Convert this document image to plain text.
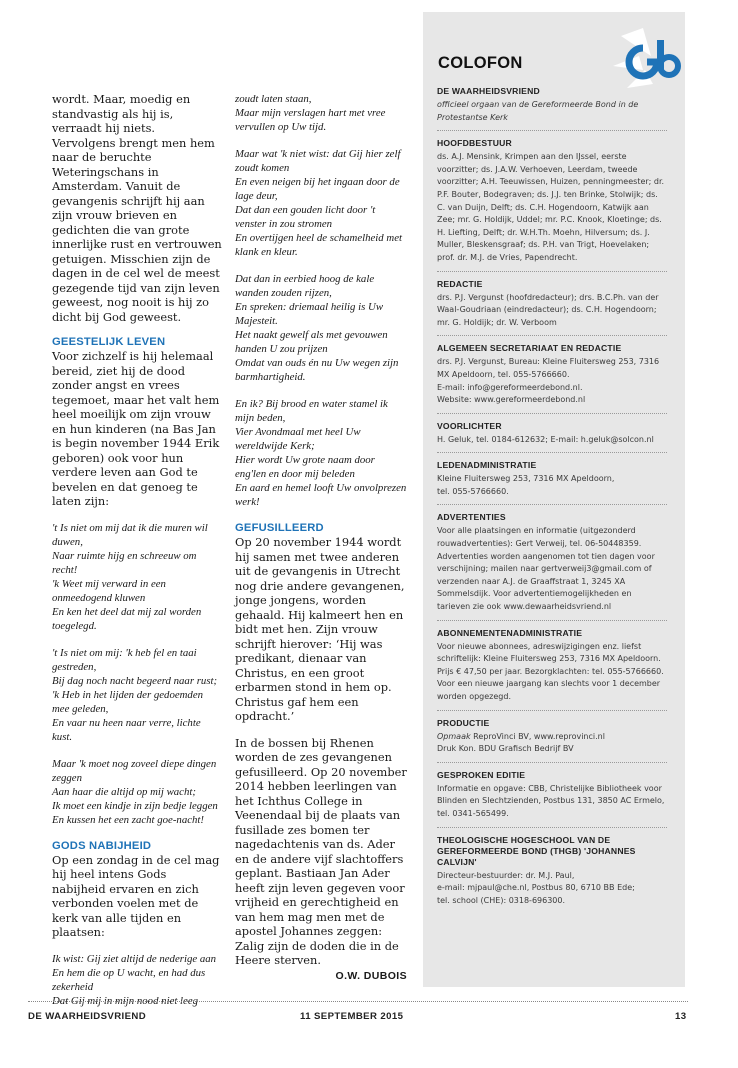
wordt. Maar, moedig en standvastig als hij is, verraadt hij niets. Vervolgens brengt men hem naar de beruchte Weteringschans in Amsterdam. Vanuit de gevangenis schrijft hij aan zijn vrouw brieven en gedichten die van grote innerlijke rust en vertrouwen getuigen. Misschien zijn de dagen in de cel wel de meest gezegende tijd van zijn leven geweest, nog nooit is hij zo dicht bij God geweest.

GEESTELIJK LEVEN

Voor zichzelf is hij helemaal bereid, ziet hij de dood zonder angst en vrees tegemoet, maar het valt hem heel moeilijk om zijn vrouw en hun kinderen (na Bas Jan is begin november 1944 Erik geboren) ook voor hun verdere leven aan God te bevelen en dat genoeg te laten zijn:

't Is niet om mij dat ik die muren wil duwen,
Naar ruimte hijg en schreeuw om recht!
'k Weet mij verward in een onmeedogend kluwen
En ken het deel dat mij zal worden toegelegd.

't Is niet om mij: 'k heb fel en taai gestreden,
Bij dag noch nacht begeerd naar rust;
'k Heb in het lijden der gedoemden mee geleden,
En vaar nu heen naar verre, lichte kust.

Maar 'k moet nog zoveel diepe dingen zeggen
Aan haar die altijd op mij wacht;
Ik moet een kindje in zijn bedje leggen
En kussen het een zacht goe-nacht!

GODS NABIJHEID

Op een zondag in de cel mag hij heel intens Gods nabijheid ervaren en zich verbonden voelen met de kerk van alle tijden en plaatsen:

Ik wist: Gij ziet altijd de nederige aan
En hem die op U wacht, en had dus zekerheid
Dat Gij mij in mijn nood niet leeg

zoudt laten staan,
Maar mijn verslagen hart met vree vervullen op Uw tijd.

Maar wat 'k niet wist: dat Gij hier zelf zoudt komen
En even neigen bij het ingaan door de lage deur,
Dat dan een gouden licht door 't venster in zou stromen
En overtijgen heel de schamelheid met klank en kleur.

Dat dan in eerbied hoog de kale wanden zouden rijzen,
En spreken: driemaal heilig is Uw Majesteit.
Het naakt gewelf als met gevouwen handen U zou prijzen
Omdat van ouds én nu Uw wegen zijn barmhartigheid.

En ik? Bij brood en water stamel ik mijn beden,
Vier Avondmaal met heel Uw wereldwijde Kerk;
Hier wordt Uw grote naam door eng'len en door mij beleden
En aard en hemel looft Uw onvolprezen werk!

GEFUSILLEERD

Op 20 november 1944 wordt hij samen met twee anderen uit de gevangenis in Utrecht nog drie andere gevangenen, jonge jongens, worden gehaald. Hij kalmeert hen en bidt met hen. Zijn vrouw schrijft hierover: ‘Hij was predikant, dienaar van Christus, en een groot erbarmen stond in hem op. Christus gaf hem een opdracht.’

In de bossen bij Rhenen worden de zes gevangenen gefusilleerd. Op 20 november 2014 hebben leerlingen van het Ichthus College in Veenendaal bij de plaats van fusillade zes bomen ter nagedachtenis van ds. Ader en de andere vijf slachtoffers geplant. Bastiaan Jan Ader heeft zijn leven gegeven voor vrijheid en gerechtigheid en van hem mag men met de apostel Johannes zeggen: Zalig zijn de doden die in de Heere sterven.

O.W. DUBOIS
COLOFON
DE WAARHEIDSVRIEND

officieel orgaan van de Gereformeerde Bond in de Protestantse Kerk

HOOFDBESTUUR

ds. A.J. Mensink, Krimpen aan den IJssel, eerste voorzitter; ds. J.A.W. Verhoeven, Leerdam, tweede voorzitter; A.H. Teeuwissen, Huizen, penningmeester; dr. P.F. Bouter, Bodegraven; ds. J.J. ten Brinke, Stolwijk; ds. C. van Duijn, Delft; ds. C.H. Hogendoorn, Katwijk aan Zee; mr. G. Holdijk, Uddel; mr. P.C. Knook, Kloetinge; ds. H. Liefting, Delft; dr. W.H.Th. Moehn, Hilversum; ds. J. Muller, Bleskensgraaf; ds. P.H. van Trigt, Hoevelaken; prof. dr. M.J. de Vries, Papendrecht.

REDACTIE

drs. P.J. Vergunst (hoofdredacteur); drs. B.C.Ph. van der Waal-Goudriaan (eindredacteur); ds. C.H. Hogendoorn; mr. G. Holdijk; dr. W. Verboom

ALGEMEEN SECRETARIAAT EN REDACTIE

drs. P.J. Vergunst, Bureau: Kleine Fluitersweg 253, 7316 MX Apeldoorn, tel. 055-5766660.
E-mail: info@gereformeerdebond.nl.
Website: www.gereformeerdebond.nl

VOORLICHTER

H. Geluk, tel. 0184-612632; E-mail: h.geluk@solcon.nl

LEDENADMINISTRATIE

Kleine Fluitersweg 253, 7316 MX Apeldoorn,
tel. 055-5766660.

ADVERTENTIES

Voor alle plaatsingen en informatie (uitgezonderd rouwadvertenties): Gert Verweij, tel. 06-50448359. Advertenties worden aangenomen tot tien dagen voor verschijning; mailen naar gertverweij3@gmail.com of verzenden naar A.J. de Graaffstraat 1, 3245 XA Sommelsdijk. Voor advertentiemogelijkheden en tarieven zie ook www.dewaarheidsvriend.nl

ABONNEMENTENADMINISTRATIE

Voor nieuwe abonnees, adreswijzigingen enz. liefst schriftelijk: Kleine Fluitersweg 253, 7316 MX Apeldoorn. Prijs € 47,50 per jaar. Bezorgklachten: tel. 055-5766660. Voor een nieuwe jaargang kan slechts voor 1 december worden opgezegd.

PRODUCTIE

Opmaak ReproVinci BV, www.reprovinci.nl
Druk Kon. BDU Grafisch Bedrijf BV

GESPROKEN EDITIE

Informatie en opgave: CBB, Christelijke Bibliotheek voor Blinden en Slechtzienden, Postbus 131, 3850 AC Ermelo, tel. 0341-565499.

THEOLOGISCHE HOGESCHOOL VAN DE GEREFORMEERDE BOND (THGB) 'JOHANNES CALVIJN'

Directeur-bestuurder: dr. M.J. Paul,
e-mail: mjpaul@che.nl, Postbus 80, 6710 BB Ede;
tel. school (CHE): 0318-696300.

DE WAARHEIDSVRIEND	11 SEPTEMBER 2015	13
